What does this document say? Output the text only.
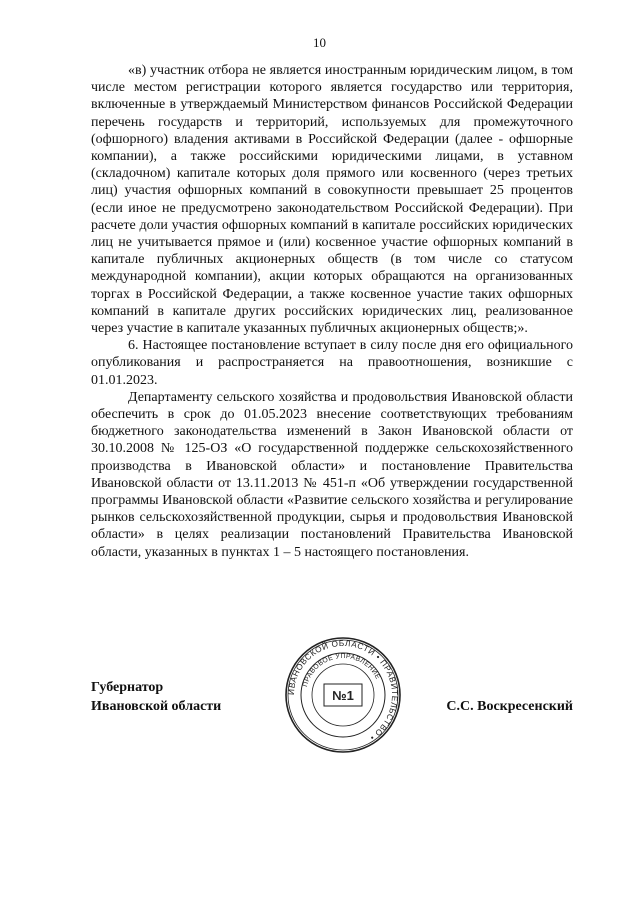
10

«в) участник отбора не является иностранным юридическим лицом, в том числе местом регистрации которого является государство или территория, включенные в утверждаемый Министерством финансов Российской Федерации перечень государств и территорий, используемых для промежуточного (офшорного) владения активами в Российской Федерации (далее - офшорные компании), а также российскими юридическими лицами, в уставном (складочном) капитале которых доля прямого или косвенного (через третьих лиц) участия офшорных компаний в совокупности превышает 25 процентов (если иное не предусмотрено законодательством Российской Федерации). При расчете доли участия офшорных компаний в капитале российских юридических лиц не учитывается прямое и (или) косвенное участие офшорных компаний в капитале публичных акционерных обществ (в том числе со статусом международной компании), акции которых обращаются на организованных торгах в Российской Федерации, а также косвенное участие таких офшорных компаний в капитале других российских юридических лиц, реализованное через участие в капитале указанных публичных акционерных обществ;».

6. Настоящее постановление вступает в силу после дня его официального опубликования и распространяется на правоотношения, возникшие с 01.01.2023.

Департаменту сельского хозяйства и продовольствия Ивановской области обеспечить в срок до 01.05.2023 внесение соответствующих требованиям бюджетного законодательства изменений в Закон Ивановской области от 30.10.2008 № 125-ОЗ «О государственной поддержке сельскохозяйственного производства в Ивановской области» и постановление Правительства Ивановской области от 13.11.2013 № 451-п «Об утверждении государственной программы Ивановской области «Развитие сельского хозяйства и регулирование рынков сельскохозяйственной продукции, сырья и продовольствия Ивановской области» в целях реализации постановлений Правительства Ивановской области, указанных в пунктах 1 – 5 настоящего постановления.

Губернатор
Ивановской области	С.С. Воскресенский
ИВАНОВСКОЙ ОБЛАСТИ • ПРАВИТЕЛЬСТВО •
ПРАВОВОЕ УПРАВЛЕНИЕ
№1
